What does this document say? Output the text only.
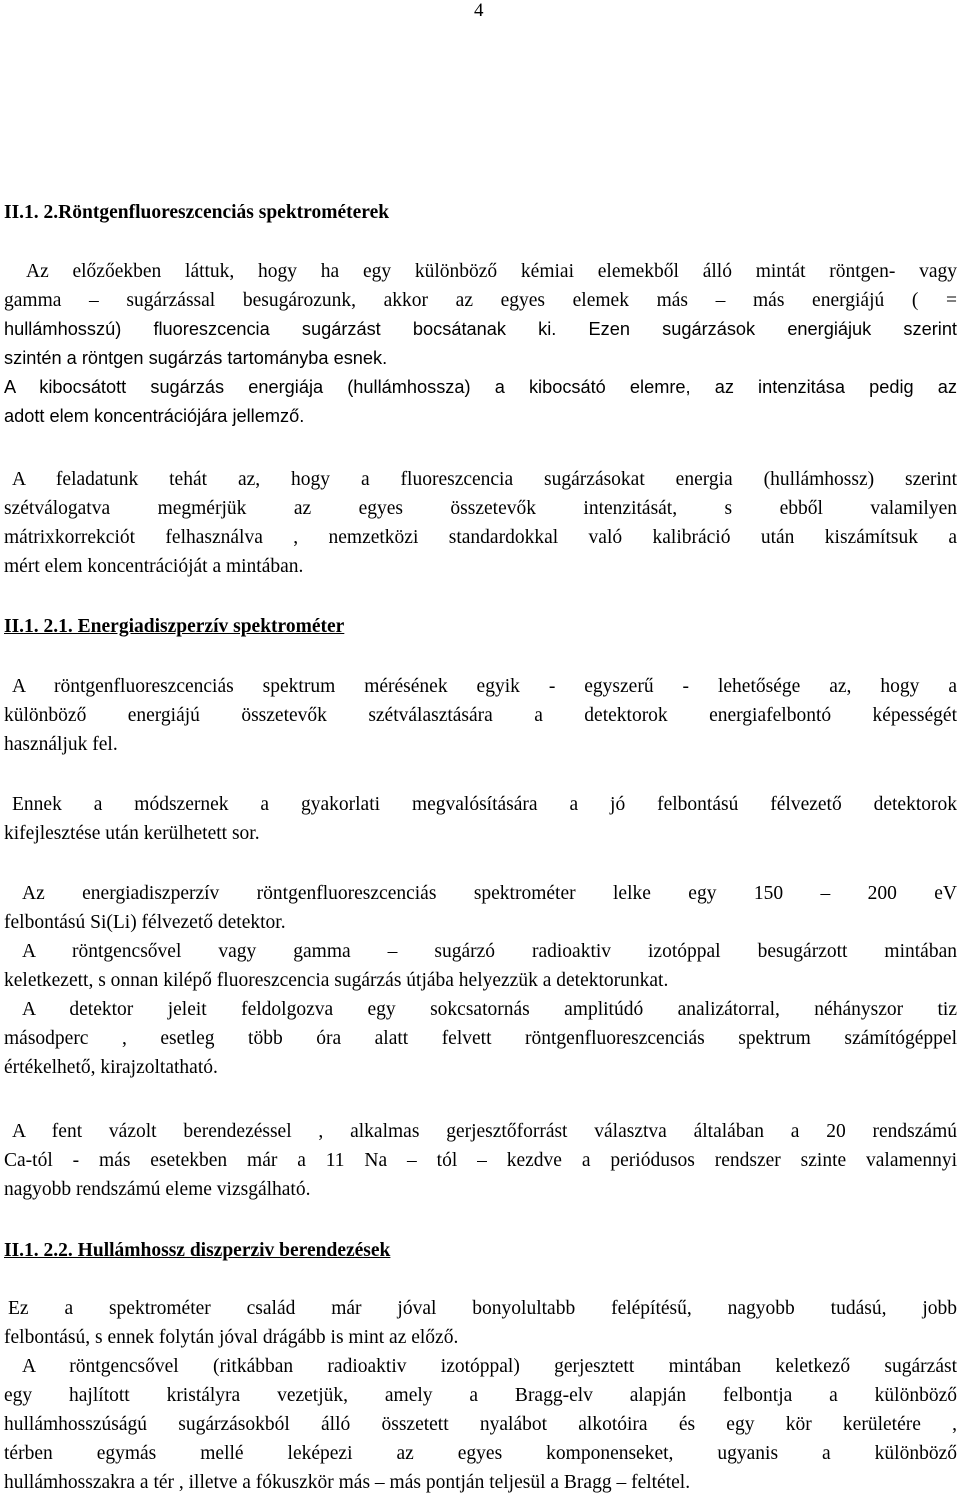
4
II.1. 2.Röntgenfluoreszcenciás spektrométerek
Az előzőekben láttuk, hogy ha egy különböző kémiai elemekből álló mintát röntgen- vagy
gamma – sugárzással besugározunk, akkor az egyes elemek más – más energiájú ( =
hullámhosszú) fluoreszcencia sugárzást bocsátanak ki. Ezen sugárzások energiájuk szerint
szintén a röntgen sugárzás tartományba esnek.
A kibocsátott sugárzás energiája (hullámhossza) a kibocsátó elemre, az intenzitása pedig az
adott elem koncentrációjára jellemző.
A feladatunk tehát az, hogy a fluoreszcencia sugárzásokat energia (hullámhossz) szerint
szétválogatva megmérjük az egyes összetevők intenzitását, s ebből valamilyen
mátrixkorrekciót felhasználva , nemzetközi standardokkal való kalibráció után kiszámítsuk a
mért elem koncentrációját a mintában.
II.1. 2.1. Energiadiszperzív spektrométer
A röntgenfluoreszcenciás spektrum mérésének egyik - egyszerű - lehetősége az, hogy a
különböző energiájú összetevők szétválasztására a detektorok energiafelbontó képességét
használjuk fel.
Ennek a módszernek a gyakorlati megvalósítására a jó felbontású félvezető detektorok
kifejlesztése után kerülhetett sor.
Az energiadiszperzív röntgenfluoreszcenciás spektrométer lelke egy 150 – 200 eV
felbontású Si(Li) félvezető detektor.
A röntgencsővel vagy gamma – sugárzó radioaktiv izotóppal besugárzott mintában
keletkezett, s onnan kilépő fluoreszcencia sugárzás útjába helyezzük a detektorunkat.
A detektor jeleit feldolgozva egy sokcsatornás amplitúdó analizátorral, néhányszor tiz
másodperc , esetleg több óra alatt felvett röntgenfluoreszcenciás spektrum számítógéppel
értékelhető, kirajzoltatható.
A fent vázolt berendezéssel , alkalmas gerjesztőforrást választva általában a 20 rendszámú
Ca-tól - más esetekben már a 11 Na – tól – kezdve a periódusos rendszer szinte valamennyi
nagyobb rendszámú eleme vizsgálható.
II.1. 2.2. Hullámhossz diszperziv berendezések
Ez a spektrométer család már jóval bonyolultabb felépítésű, nagyobb tudású, jobb
felbontású, s ennek folytán jóval drágább is mint az előző.
A röntgencsővel (ritkábban radioaktiv izotóppal) gerjesztett mintában keletkező sugárzást
egy hajlított kristályra vezetjük, amely a Bragg-elv alapján felbontja a különböző
hullámhosszúságú sugárzásokból álló összetett nyalábot alkotóira és egy kör kerületére ,
térben egymás mellé leképezi az egyes komponenseket, ugyanis a különböző
hullámhosszakra a tér , illetve a fókuszkör más – más pontján teljesül a Bragg – feltétel.
